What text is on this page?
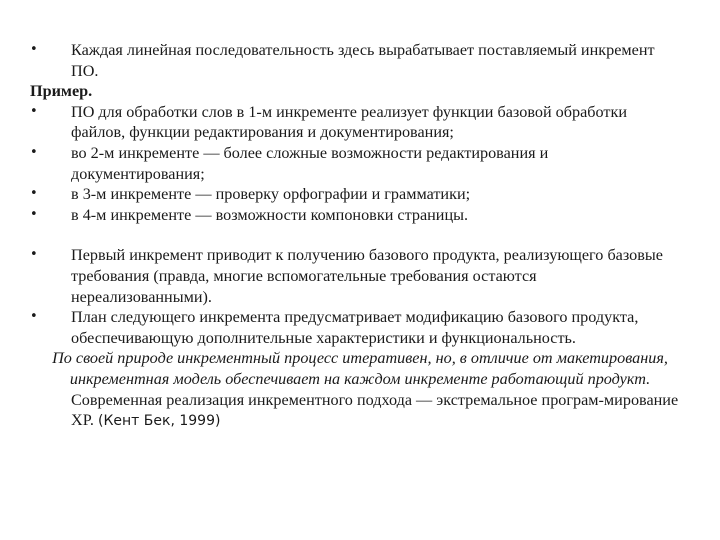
•	Каждая линейная последовательность здесь вырабатывает поставляемый инкремент ПО.
Пример.
•	ПО для обработки слов в 1-м инкременте реализует функции базовой обработки файлов, функции редактирования и документирования;
•	во 2-м инкременте — более сложные возможности редактирования и документирования;
•	в 3-м инкременте — проверку орфографии и грамматики;
•	в 4-м инкременте — возможности компоновки страницы.
•	Первый инкремент приводит к получению базового продукта, реализующего базовые требования (правда, многие вспомогательные требования остаются нереализованными).
•	План следующего инкремента предусматривает модификацию базового продукта, обеспечивающую дополнительные характеристики и функциональность.
По своей природе инкрементный процесс итеративен, но, в отличие от макетирования, инкрементная модель обеспечивает на каждом инкременте работающий продукт.
Современная реализация инкрементного подхода — экстремальное програм-мирование XP. (Кент Бек, 1999)
